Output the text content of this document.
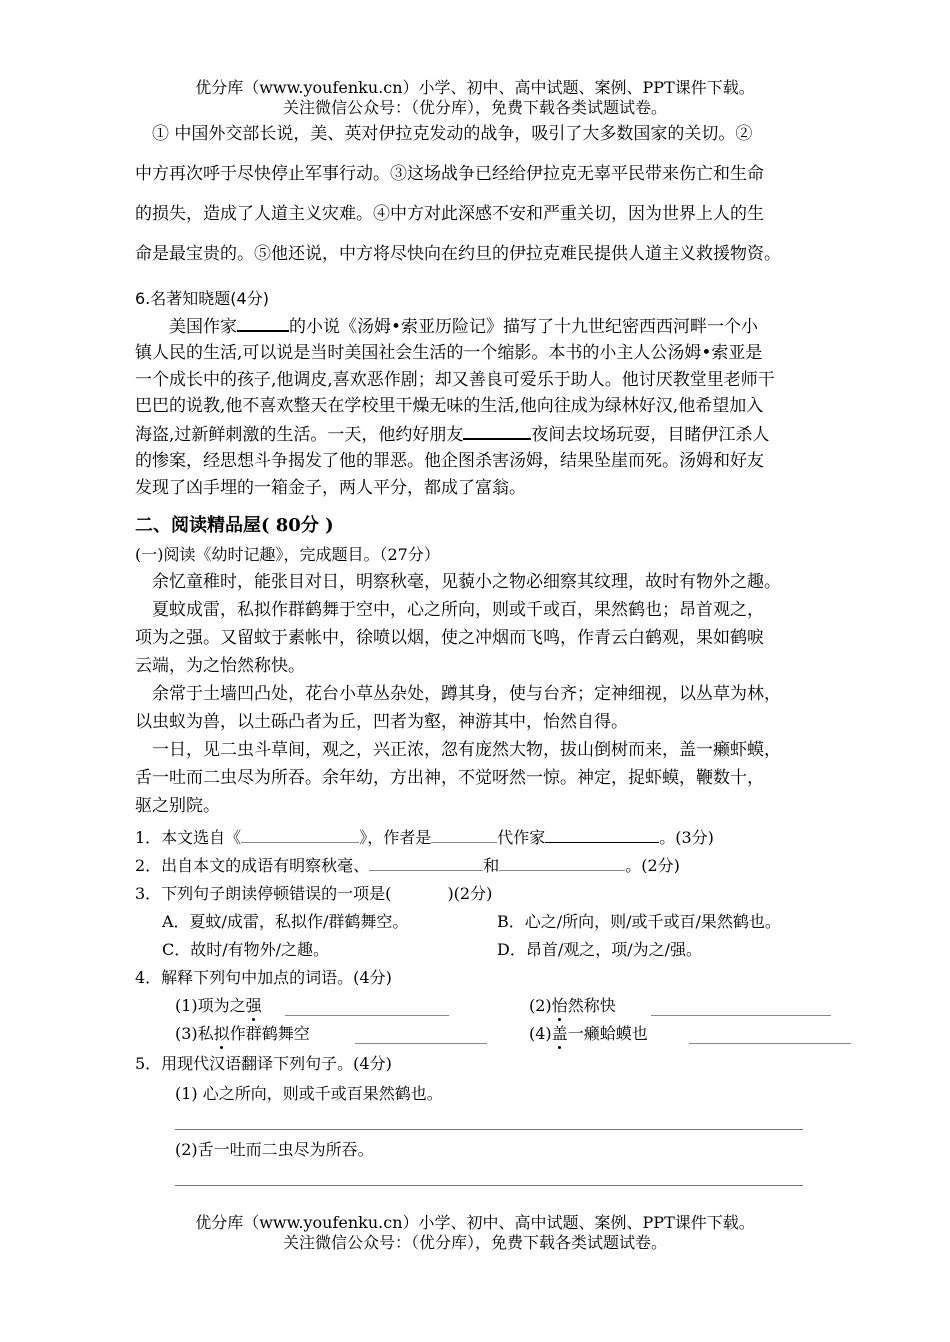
优分库（www.youfenku.cn）小学、初中、高中试题、案例、PPT课件下载。
关注微信公众号：（优分库），免费下载各类试题试卷。
① 中国外交部长说，美、英对伊拉克发动的战争，吸引了大多数国家的关切。②
中方再次呼于尽快停止军事行动。③这场战争已经给伊拉克无辜平民带来伤亡和生命
的损失，造成了人道主义灾难。④中方对此深感不安和严重关切，因为世界上人的生
命是最宝贵的。⑤他还说，中方将尽快向在约旦的伊拉克难民提供人道主义救援物资。
6.名著知晓题(4分)
美国作家	的小说《汤姆•索亚历险记》描写了十九世纪密西西河畔一个小
镇人民的生活,可以说是当时美国社会生活的一个缩影。本书的小主人公汤姆•索亚是
一个成长中的孩子,他调皮,喜欢恶作剧；却又善良可爱乐于助人。他讨厌教堂里老师干
巴巴的说教,他不喜欢整天在学校里干燥无味的生活,他向往成为绿林好汉,他希望加入
海盗,过新鲜刺激的生活。一天，他约好朋友	夜间去坟场玩耍，目睹伊江杀人
的惨案，经思想斗争揭发了他的罪恶。他企图杀害汤姆，结果坠崖而死。汤姆和好友
发现了凶手埋的一箱金子，两人平分，都成了富翁。
二、阅读精品屋( 80分 )
(一)阅读《幼时记趣》，完成题目。（27分）
余忆童稚时，能张目对日，明察秋毫，见藐小之物必细察其纹理，故时有物外之趣。
夏蚊成雷，私拟作群鹤舞于空中，心之所向，则或千或百，果然鹤也；昂首观之，
项为之强。又留蚊于素帐中，徐喷以烟，使之冲烟而飞鸣，作青云白鹤观，果如鹤唳
云端，为之怡然称快。
余常于土墙凹凸处，花台小草丛杂处，蹲其身，使与台齐；定神细视，以丛草为林，
以虫蚁为兽，以土砾凸者为丘，凹者为壑，神游其中，怡然自得。
一日，见二虫斗草间，观之，兴正浓，忽有庞然大物，拔山倒树而来，盖一癞虾蟆，
舌一吐而二虫尽为所吞。余年幼，方出神，不觉呀然一惊。神定，捉虾蟆，鞭数十，
驱之别院。
1．本文选自《	》，作者是	代作家	。(3分)
2．出自本文的成语有明察秋毫、	和	。(2分)
3．下列句子朗读停顿错误的一项是(	)(2分)
A．夏蚊/成雷，私拟作/群鹤舞空。	B．心之/所向，则/或千或百/果然鹤也。
C．故时/有物外/之趣。	D．昂首/观之，项/为之/强。
4．解释下列句中加点的词语。(4分)
(1)项为之强	(2)怡然称快
(3)私拟作群鹤舞空	(4)盖一癞蛤蟆也
5．用现代汉语翻译下列句子。(4分)
(1) 心之所向，则或千或百果然鹤也。
(2)舌一吐而二虫尽为所吞。
优分库（www.youfenku.cn）小学、初中、高中试题、案例、PPT课件下载。
关注微信公众号：（优分库），免费下载各类试题试卷。
